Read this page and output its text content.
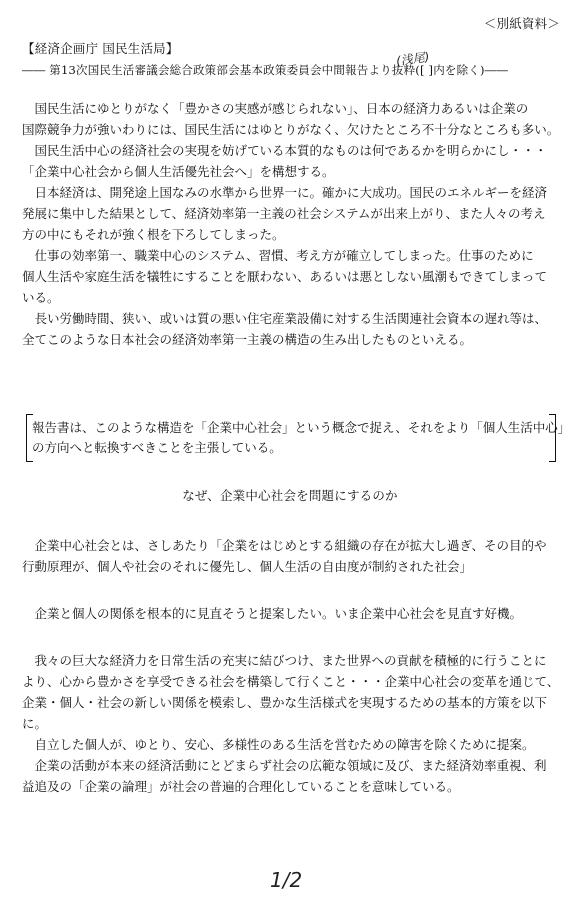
＜別紙資料＞
【経済企画庁 国民生活局】
―― 第13次国民生活審議会総合政策部会基本政策委員会中間報告より抜粋([ ]内を除く)――
(浅尾)

　国民生活にゆとりがなく「豊かさの実感が感じられない」、日本の経済力あるいは企業の

国際競争力が強いわりには、国民生活にはゆとりがなく、欠けたところ不十分なところも多い。

　国民生活中心の経済社会の実現を妨げている本質的なものは何であるかを明らかにし・・・

「企業中心社会から個人生活優先社会へ」を構想する。

　日本経済は、開発途上国なみの水準から世界一に。確かに大成功。国民のエネルギーを経済

発展に集中した結果として、経済効率第一主義の社会システムが出来上がり、また人々の考え

方の中にもそれが強く根を下ろしてしまった。

　仕事の効率第一、職業中心のシステム、習慣、考え方が確立してしまった。仕事のために

個人生活や家庭生活を犠牲にすることを厭わない、あるいは悪としない風潮もできてしまって

いる。

　長い労働時間、狭い、或いは質の悪い住宅産業設備に対する生活関連社会資本の遅れ等は、

全てこのような日本社会の経済効率第一主義の構造の生み出したものといえる。

報告書は、このような構造を「企業中心社会」という概念で捉え、それをより「個人生活中心」
の方向へと転換すべきことを主張している。
なぜ、企業中心社会を問題にするのか

　企業中心社会とは、さしあたり「企業をはじめとする組織の存在が拡大し過ぎ、その目的や

行動原理が、個人や社会のそれに優先し、個人生活の自由度が制約された社会」

　企業と個人の関係を根本的に見直そうと提案したい。いま企業中心社会を見直す好機。

　我々の巨大な経済力を日常生活の充実に結びつけ、また世界への貢献を積極的に行うことに

より、心から豊かさを享受できる社会を構築して行くこと・・・企業中心社会の変革を通じて、

企業・個人・社会の新しい関係を模索し、豊かな生活様式を実現するための基本的方策を以下

に。

　自立した個人が、ゆとり、安心、多様性のある生活を営むための障害を除くために提案。

　企業の活動が本来の経済活動にとどまらず社会の広範な領域に及び、また経済効率重視、利

益追及の「企業の論理」が社会の普遍的合理化していることを意味している。

1/2
